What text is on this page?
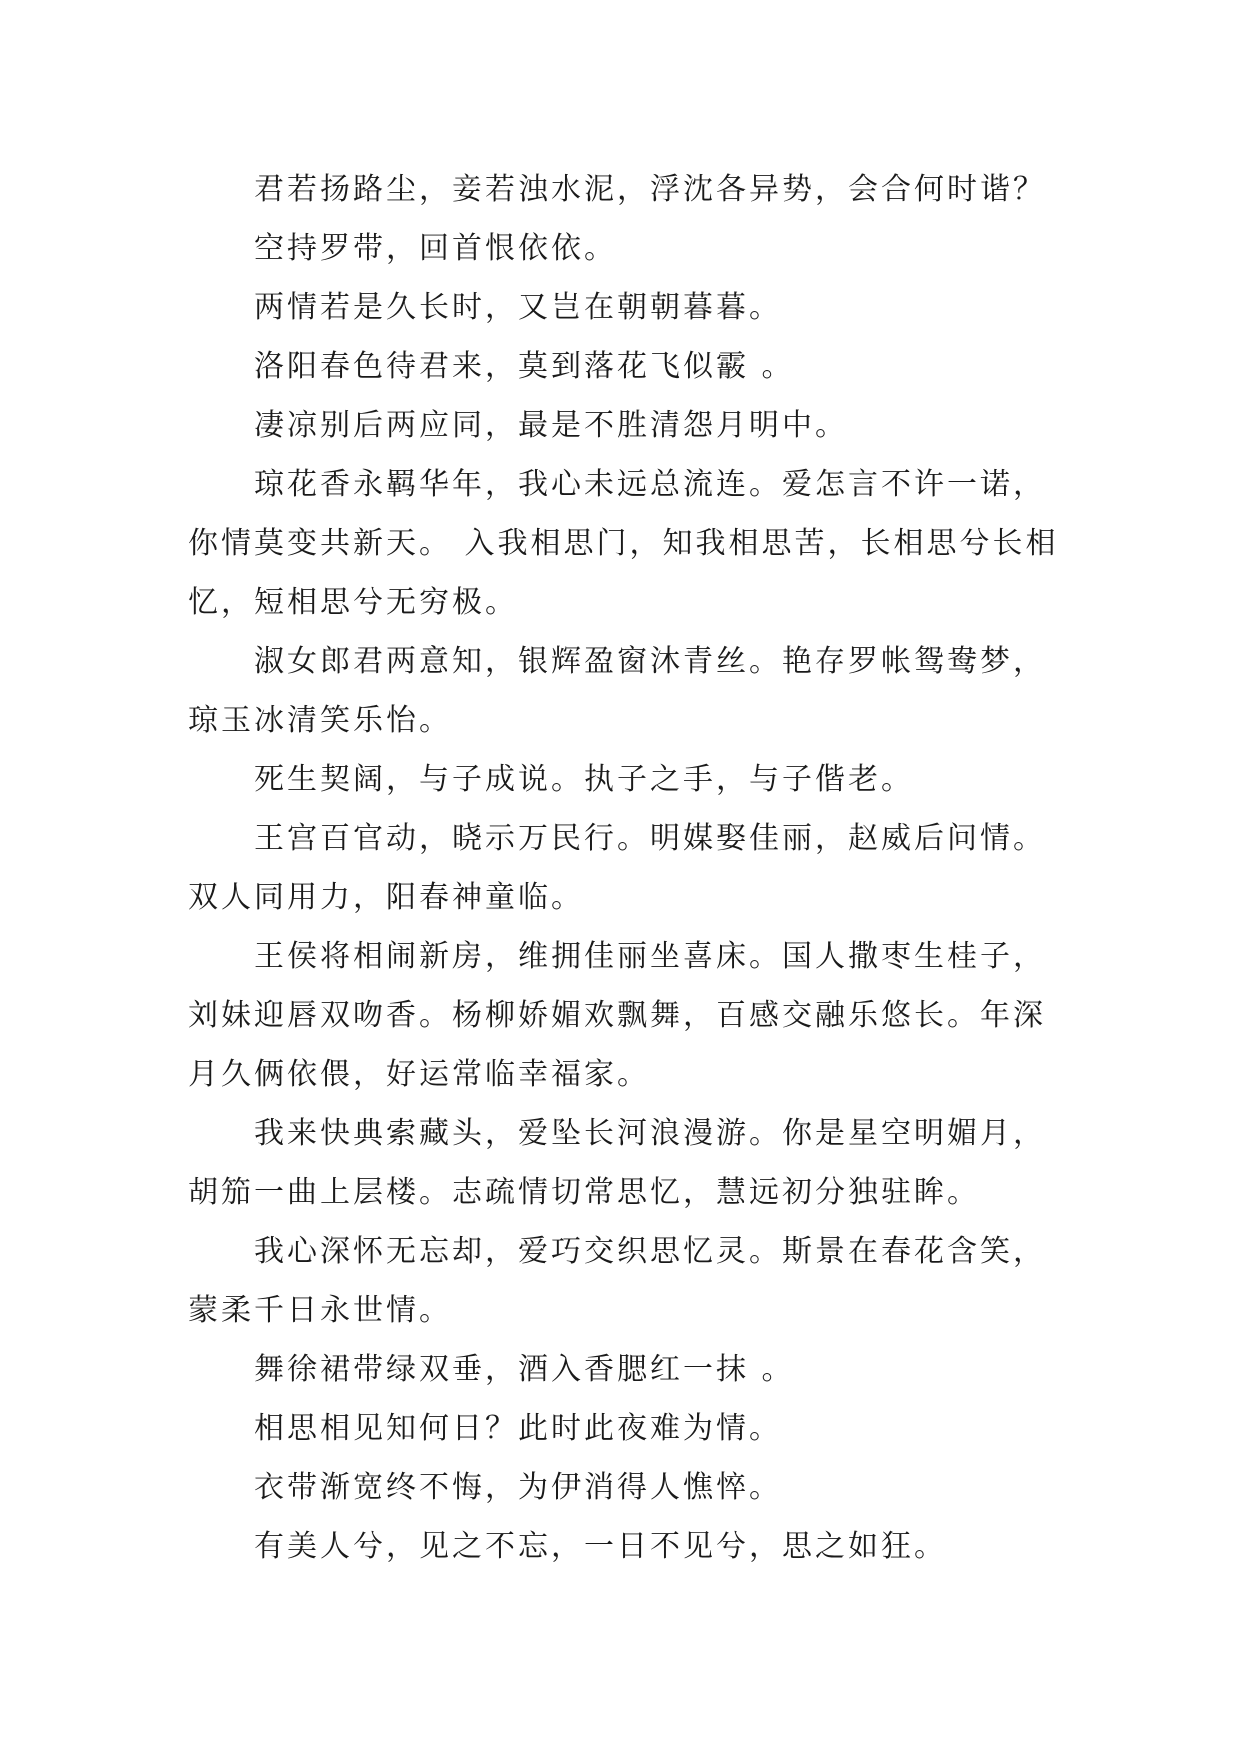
君若扬路尘，妾若浊水泥，浮沈各异势，会合何时谐？

空持罗带，回首恨依依。

两情若是久长时，又岂在朝朝暮暮。

洛阳春色待君来，莫到落花飞似霰 。

凄凉别后两应同，最是不胜清怨月明中。

琼花香永羁华年，我心未远总流连。爱怎言不许一诺，你情莫变共新天。 入我相思门，知我相思苦，长相思兮长相忆，短相思兮无穷极。

淑女郎君两意知，银辉盈窗沐青丝。艳存罗帐鸳鸯梦，琼玉冰清笑乐怡。

死生契阔，与子成说。执子之手，与子偕老。

王宫百官动，晓示万民行。明媒娶佳丽，赵威后问情。双人同用力，阳春神童临。

王侯将相闹新房，维拥佳丽坐喜床。国人撒枣生桂子，刘妹迎唇双吻香。杨柳娇媚欢飘舞，百感交融乐悠长。年深月久俩依偎，好运常临幸福家。

我来快典索藏头，爱坠长河浪漫游。你是星空明媚月，胡笳一曲上层楼。志疏情切常思忆，慧远初分独驻眸。

我心深怀无忘却，爱巧交织思忆灵。斯景在春花含笑，蒙柔千日永世情。

舞徐裙带绿双垂，酒入香腮红一抹 。

相思相见知何日？此时此夜难为情。

衣带渐宽终不悔，为伊消得人憔悴。

有美人兮，见之不忘，一日不见兮，思之如狂。
